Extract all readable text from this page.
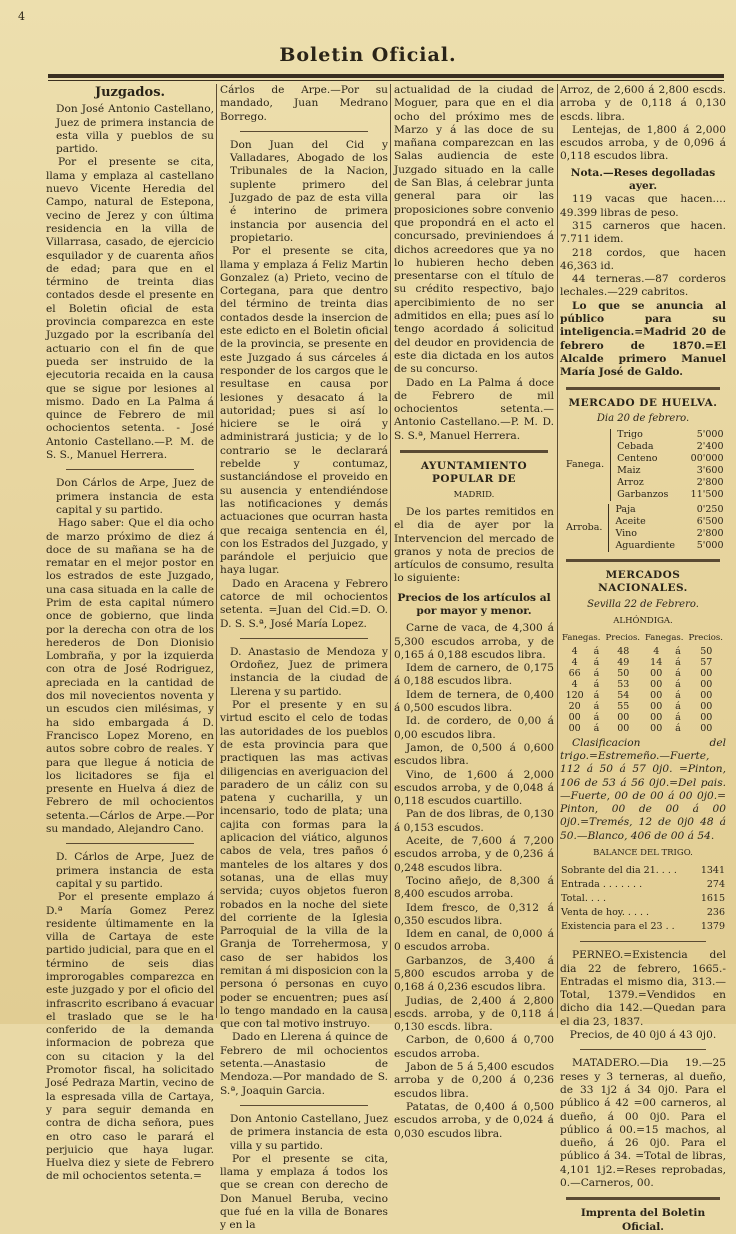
4
Boletin Oficial.
Juzgados.

Don José Antonio Castellano, Juez de primera instancia de esta villa y pueblos de su partido.

Por el presente se cita, llama y emplaza al castellano nuevo Vicente Heredia del Campo, natural de Estepona, vecino de Jerez y con última residencia en la villa de Villarrasa, casado, de ejercicio esquilador y de cuarenta años de edad; para que en el término de treinta dias contados desde el presente en el Boletin oficial de esta provincia comparezca en este Juzgado por la escribanía del actuario con el fin de que pueda ser instruido de la ejecutoria recaida en la causa que se sigue por lesiones al mismo. Dado en La Palma á quince de Febrero de mil ochocientos setenta. - José Antonio Castellano.—P. M. de S. S., Manuel Herrera.

Don Cárlos de Arpe, Juez de primera instancia de esta capital y su partido.

Hago saber: Que el dia ocho de marzo próximo de diez á doce de su mañana se ha de rematar en el mejor postor en los estrados de este Juzgado, una casa situada en la calle de Prim de esta capital número once de gobierno, que linda por la derecha con otra de los herederos de Don Dionisio Lombraña, y por la izquierda con otra de José Rodriguez, apreciada en la cantidad de dos mil novecientos noventa y un escudos cien milésimas, y ha sido embargada á D. Francisco Lopez Moreno, en autos sobre cobro de reales. Y para que llegue á noticia de los licitadores se fija el presente en Huelva á diez de Febrero de mil ochocientos setenta.—Cárlos de Arpe.—Por su mandado, Alejandro Cano.

D. Cárlos de Arpe, Juez de primera instancia de esta capital y su partido.

Por el presente emplazo á D.ª María Gomez Perez residente últimamente en la villa de Cartaya de este partido judicial, para que en el término de seis dias improrogables comparezca en este juzgado y por el oficio del infrascrito escribano á evacuar el traslado que se le ha conferido de la demanda informacion de pobreza que con su citacion y la del Promotor fiscal, ha solicitado José Pedraza Martin, vecino de la espresada villa de Cartaya, y para seguir demanda en contra de dicha señora, pues en otro caso le parará el perjuicio que haya lugar. Huelva diez y siete de Febrero de mil ochocientos setenta.=

Cárlos de Arpe.—Por su mandado, Juan Medrano Borrego.

Don Juan del Cid y Valladares, Abogado de los Tribunales de la Nacion, suplente primero del Juzgado de paz de esta villa é interino de primera instancia por ausencia del propietario.

Por el presente se cita, llama y emplaza á Feliz Martin Gonzalez (a) Prieto, vecino de Cortegana, para que dentro del término de treinta dias contados desde la insercion de este edicto en el Boletin oficial de la provincia, se presente en este Juzgado á sus cárceles á responder de los cargos que le resultase en causa por lesiones y desacato á la autoridad; pues si así lo hiciere se le oirá y administrará justicia; y de lo contrario se le declarará rebelde y contumaz, sustanciándose el proveido en su ausencia y entendiéndose las notificaciones y demás actuaciones que ocurran hasta que recaiga sentencia en él, con los Estrados del Juzgado, y parándole el perjuicio que haya lugar.

Dado en Aracena y Febrero catorce de mil ochocientos setenta. =Juan del Cid.=D. O. D. S. S.ª, José María Lopez.

D. Anastasio de Mendoza y Ordoñez, Juez de primera instancia de la ciudad de Llerena y su partido.

Por el presente y en su virtud escito el celo de todas las autoridades de los pueblos de esta provincia para que practiquen las mas activas diligencias en averiguacion del paradero de un cáliz con su patena y cucharilla, y un incensario, todo de plata; una cajita con formas para la aplicacion del viático, algunos cabos de vela, tres paños ó manteles de los altares y dos sotanas, una de ellas muy servida; cuyos objetos fueron robados en la noche del siete del corriente de la Iglesia Parroquial de la villa de la Granja de Torrehermosa, y caso de ser habidos los remitan á mi disposicion con la persona ó personas en cuyo poder se encuentren; pues así lo tengo mandado en la causa que con tal motivo instruyo.

Dado en Llerena á quince de Febrero de mil ochocientos setenta.—Anastasio de Mendoza.—Por mandado de S. S.ª, Joaquin Garcia.

Don Antonio Castellano, Juez de primera instancia de esta villa y su partido.

Por el presente se cita, llama y emplaza á todos los que se crean con derecho de Don Manuel Beruba, vecino que fué en la villa de Bonares y en la

actualidad de la ciudad de Moguer, para que en el dia ocho del próximo mes de Marzo y á las doce de su mañana comparezcan en las Salas audiencia de este Juzgado situado en la calle de San Blas, á celebrar junta general para oir las proposiciones sobre convenio que propondrá en el acto el concursado, previniendoes á dichos acreedores que ya no lo hubieren hecho deben presentarse con el título de su crédito respectivo, bajo apercibimiento de no ser admitidos en ella; pues así lo tengo acordado á solicitud del deudor en providencia de este dia dictada en los autos de su concurso.

Dado en La Palma á doce de Febrero de mil ochocientos setenta.—Antonio Castellano.—P. M. D. S. S.ª, Manuel Herrera.

AYUNTAMIENTO POPULAR DE
MADRID.

De los partes remitidos en el dia de ayer por la Intervencion del mercado de granos y nota de precios de artículos de consumo, resulta lo siguiente:

Precios de los artículos al por mayor y menor.

Carne de vaca, de 4,300 á 5,300 escudos arroba, y de 0,165 á 0,188 escudos libra.

Idem de carnero, de 0,175 á 0,188 escudos libra.

Idem de ternera, de 0,400 á 0,500 escudos libra.

Id. de cordero, de 0,00 á 0,00 escudos libra.

Jamon, de 0,500 á 0,600 escudos libra.

Vino, de 1,600 á 2,000 escudos arroba, y de 0,048 á 0,118 escudos cuartillo.

Pan de dos libras, de 0,130 á 0,153 escudos.

Aceite, de 7,600 á 7,200 escudos arroba, y de 0,236 á 0,248 escudos libra.

Tocino añejo, de 8,300 á 8,400 escudos arroba.

Idem fresco, de 0,312 á 0,350 escudos libra.

Idem en canal, de 0,000 á 0 escudos arroba.

Garbanzos, de 3,400 á 5,800 escudos arroba y de 0,168 á 0,236 escudos libra.

Judias, de 2,400 á 2,800 escds. arroba, y de 0,118 á 0,130 escds. libra.

Carbon, de 0,600 á 0,700 escudos arroba.

Jabon de 5 á 5,400 escudos arroba y de 0,200 á 0,236 escudos libra.

Patatas, de 0,400 á 0,500 escudos arroba, y de 0,024 á 0,030 escudos libra.

Arroz, de 2,600 á 2,800 escds. arroba y de 0,118 á 0,130 escds. libra.

Lentejas, de 1,800 á 2,000 escudos arroba, y de 0,096 á 0,118 escudos libra.

Nota.—Reses degolladas ayer.

119 vacas que hacen.... 49.399 libras de peso.

315 carneros que hacen. 7.711 idem.

218 cordos, que hacen 46,363 id.

44 terneras.—87 corderos lechales.—229 cabritos.

Lo que se anuncia al público para su inteligencia.=Madrid 20 de febrero de 1870.=El Alcalde primero Manuel María José de Galdo.

MERCADO DE HUELVA.
Dia 20 de febrero.
Fanega.		Trigo	5'000
		Cebada	2'400
		Centeno	00'000
		Maiz	3'600
		Arroz	2'800
		Garbanzos	11'500
Arroba.		Paja	0'250
		Aceite	6'500
		Vino	2'800
		Aguardiente	5'000
MERCADOS NACIONALES.
Sevilla 22 de Febrero.
ALHÓNDIGA.
Fanegas.		Precios.	Fanegas.		Precios.
4	á	48	4	á	50
4	á	49	14	á	57
66	á	50	00	á	00
4	á	53	00	á	00
120	á	54	00	á	00
20	á	55	00	á	00
00	á	00	00	á	00
00	á	00	00	á	00

Clasificacion del trigo.=Estremeño.—Fuerte, 112 á 50 á 57 0j0. =Pinton, 106 de 53 á 56 0j0.=Del pais.—Fuerte, 00 de 00 á 00 0j0.= Pinton, 00 de 00 á 00 0j0.=Tremés, 12 de 0j0 48 á 50.—Blanco, 406 de 00 á 54.

BALANCE DEL TRIGO.
Sobrante del dia 21. . . .	1341
Entrada . . . . . . .	274
Total. . . .	1615
Venta de hoy. . . . .	236
Existencia para el 23 . .	1379

PERNEO.=Existencia del dia 22 de febrero, 1665.-Entradas el mismo dia, 313.—Total, 1379.=Vendidos en dicho dia 142.—Quedan para el dia 23, 1837.

Precios, de 40 0j0 á 43 0j0.

MATADERO.—Dia 19.—25 reses y 3 terneras, al dueño, de 33 1j2 á 34 0j0. Para el público á 42 =00 carneros, al dueño, á 00 0j0. Para el público á 00.=15 machos, al dueño, á 26 0j0. Para el público á 34. =Total de libras, 4,101 1j2.=Reses reprobadas, 0.—Carneros, 00.

Imprenta del Boletin Oficial.
